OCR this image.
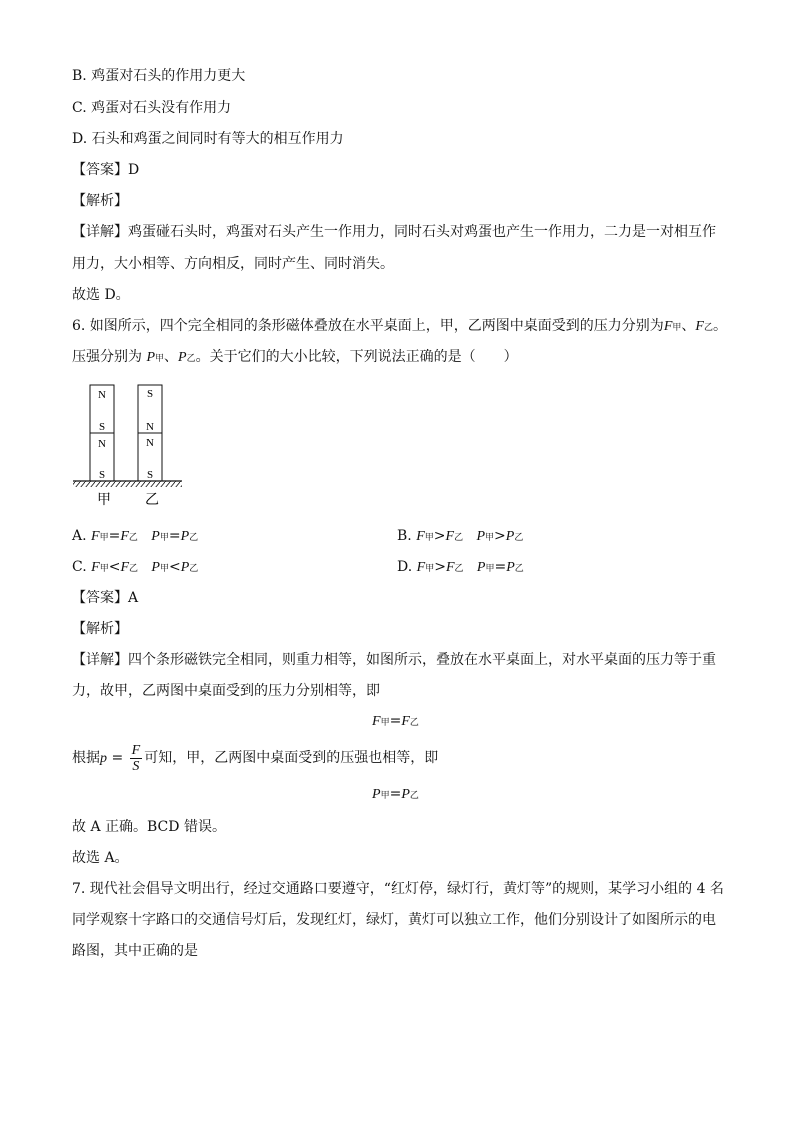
B. 鸡蛋对石头的作用力更大
C. 鸡蛋对石头没有作用力
D. 石头和鸡蛋之间同时有等大的相互作用力
【答案】D
【解析】
【详解】鸡蛋碰石头时，鸡蛋对石头产生一作用力，同时石头对鸡蛋也产生一作用力，二力是一对相互作
用力，大小相等、方向相反，同时产生、同时消失。
故选 D。
6. 如图所示，四个完全相同的条形磁体叠放在水平桌面上，甲，乙两图中桌面受到的压力分别为F甲、F乙。
压强分别为 P甲、P乙。关于它们的大小比较，下列说法正确的是（　　）
N
S
N
S
S
N
N
S
甲 乙
A. F甲=F乙 P甲=P乙	B. F甲>F乙 P甲>P乙
C. F甲<F乙 P甲<P乙	D. F甲>F乙 P甲=P乙
【答案】A
【解析】
【详解】四个条形磁铁完全相同，则重力相等，如图所示，叠放在水平桌面上，对水平桌面的压力等于重
力，故甲，乙两图中桌面受到的压力分别相等，即
F甲=F乙
根据$p = \frac{F}{S}$ 可知，甲，乙两图中桌面受到的压强也相等，即
P甲=P乙
故 A 正确。BCD 错误。
故选 A。
7. 现代社会倡导文明出行，经过交通路口要遵守，“红灯停，绿灯行，黄灯等”的规则，某学习小组的 4 名
同学观察十字路口的交通信号灯后，发现红灯，绿灯，黄灯可以独立工作，他们分别设计了如图所示的电
路图，其中正确的是
